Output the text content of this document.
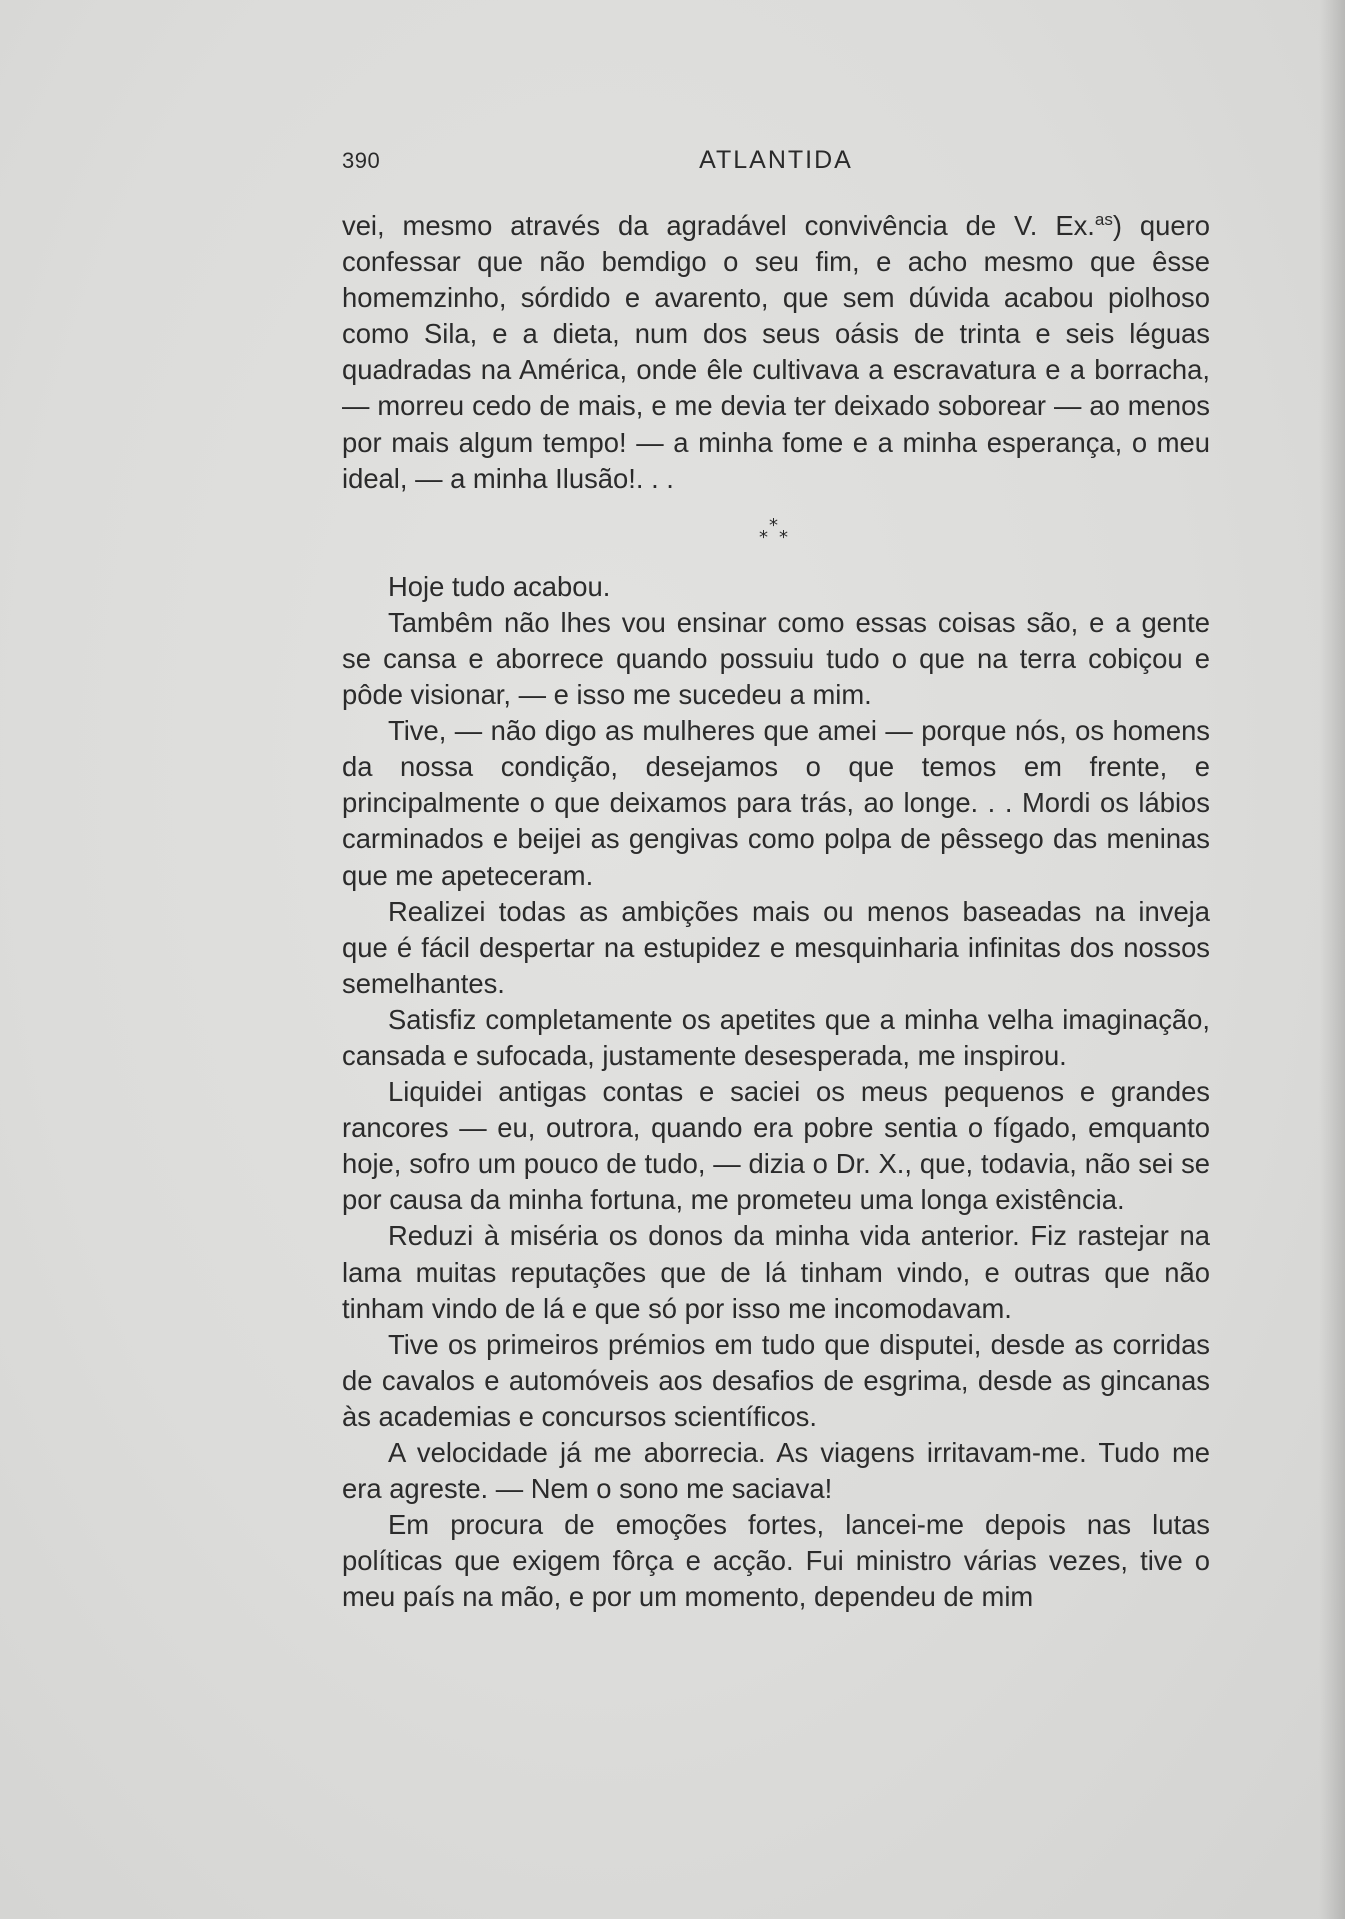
390	ATLANTIDA

vei, mesmo através da agradável convivência de V. Ex.$^{as}$) quero confessar que não bemdigo o seu fim, e acho mesmo que êsse homemzinho, sórdido e avarento, que sem dúvida acabou piolhoso como Sila, e a dieta, num dos seus oásis de trinta e seis léguas quadradas na América, onde êle cultivava a escravatura e a borracha, — morreu cedo de mais, e me devia ter deixado soborear — ao menos por mais algum tempo! — a minha fome e a minha esperança, o meu ideal, — a minha Ilusão!. . .

*
* *

Hoje tudo acabou.

Tambêm não lhes vou ensinar como essas coisas são, e a gente se cansa e aborrece quando possuiu tudo o que na terra cobiçou e pôde visionar, — e isso me sucedeu a mim.

Tive, — não digo as mulheres que amei — porque nós, os homens da nossa condição, desejamos o que temos em frente, e principalmente o que deixamos para trás, ao longe. . . Mordi os lábios carminados e beijei as gengivas como polpa de pêssego das meninas que me apeteceram.

Realizei todas as ambições mais ou menos baseadas na inveja que é fácil despertar na estupidez e mesquinharia infinitas dos nossos semelhantes.

Satisfiz completamente os apetites que a minha velha imaginação, cansada e sufocada, justamente desesperada, me inspirou.

Liquidei antigas contas e saciei os meus pequenos e grandes rancores — eu, outrora, quando era pobre sentia o fígado, emquanto hoje, sofro um pouco de tudo, — dizia o Dr. X., que, todavia, não sei se por causa da minha fortuna, me prometeu uma longa existência.

Reduzi à miséria os donos da minha vida anterior. Fiz rastejar na lama muitas reputações que de lá tinham vindo, e outras que não tinham vindo de lá e que só por isso me incomodavam.

Tive os primeiros prémios em tudo que disputei, desde as corridas de cavalos e automóveis aos desafios de esgrima, desde as gincanas às academias e concursos scientíficos.

A velocidade já me aborrecia. As viagens irritavam-me. Tudo me era agreste. — Nem o sono me saciava!

Em procura de emoções fortes, lancei-me depois nas lutas políticas que exigem fôrça e acção. Fui ministro várias vezes, tive o meu país na mão, e por um momento, dependeu de mim
